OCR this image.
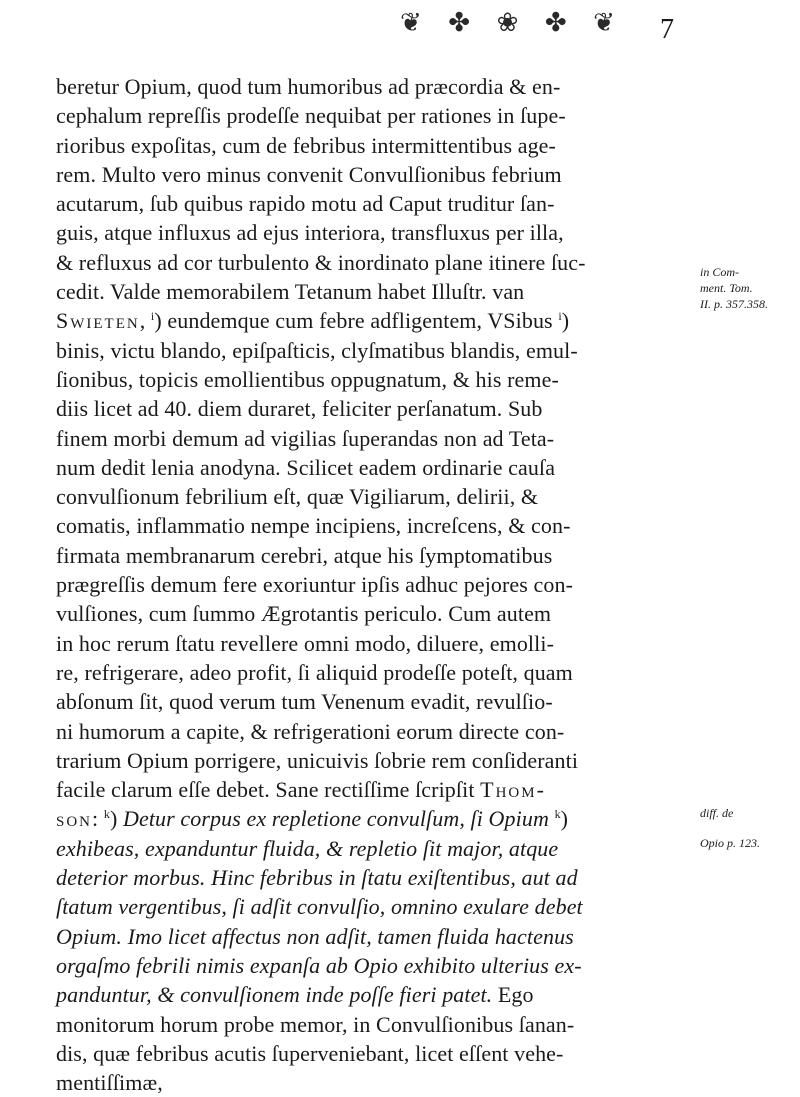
❦ ✤ ❀ ✤ ❦ 7
beretur Opium, quod tum humoribus ad præcordia & en-
cephalum repreſſis prodeſſe nequibat per rationes in ſupe-
rioribus expoſitas, cum de febribus intermittentibus age-
rem. Multo vero minus convenit Convulſionibus febrium
acutarum, ſub quibus rapido motu ad Caput truditur ſan-
guis, atque influxus ad ejus interiora, transfluxus per illa,
& refluxus ad cor turbulento & inordinato plane itinere ſuc-
cedit. Valde memorabilem Tetanum habet Illuſtr. van
Swieten, $^i$) eundemque cum febre adfligentem, VSibus $^i$)
binis, victu blando, epiſpaſticis, clyſmatibus blandis, emul-
ſionibus, topicis emollientibus oppugnatum, & his reme-
diis licet ad 40. diem duraret, feliciter perſanatum. Sub
finem morbi demum ad vigilias ſuperandas non ad Teta-
num dedit lenia anodyna. Scilicet eadem ordinarie cauſa
convulſionum febrilium eſt, quæ Vigiliarum, delirii, &
comatis, inflammatio nempe incipiens, increſcens, & con-
firmata membranarum cerebri, atque his ſymptomatibus
prægreſſis demum fere exoriuntur ipſis adhuc pejores con-
vulſiones, cum ſummo Ægrotantis periculo. Cum autem
in hoc rerum ſtatu revellere omni modo, diluere, emolli-
re, refrigerare, adeo profit, ſi aliquid prodeſſe poteſt, quam
abſonum ſit, quod verum tum Venenum evadit, revulſio-
ni humorum a capite, & refrigerationi eorum directe con-
trarium Opium porrigere, unicuivis ſobrie rem conſideranti
facile clarum eſſe debet. Sane rectiſſime ſcripſit Thom-
son: $^k$) Detur corpus ex repletione convulſum, ſi Opium $^k$)
exhibeas, expanduntur fluida, & repletio ſit major, atque
deterior morbus. Hinc febribus in ſtatu exiſtentibus, aut ad
ſtatum vergentibus, ſi adſit convulſio, omnino exulare debet
Opium. Imo licet affectus non adſit, tamen fluida hactenus
orgaſmo febrili nimis expanſa ab Opio exhibito ulterius ex-
panduntur, & convulſionem inde poſſe fieri patet. Ego
monitorum horum probe memor, in Convulſionibus ſanan-
dis, quæ febribus acutis ſuperveniebant, licet eſſent vehe-
mentiſſimæ,
in Com-
ment. Tom.
II. p. 357.358.
diff. de
Opio p. 123.
